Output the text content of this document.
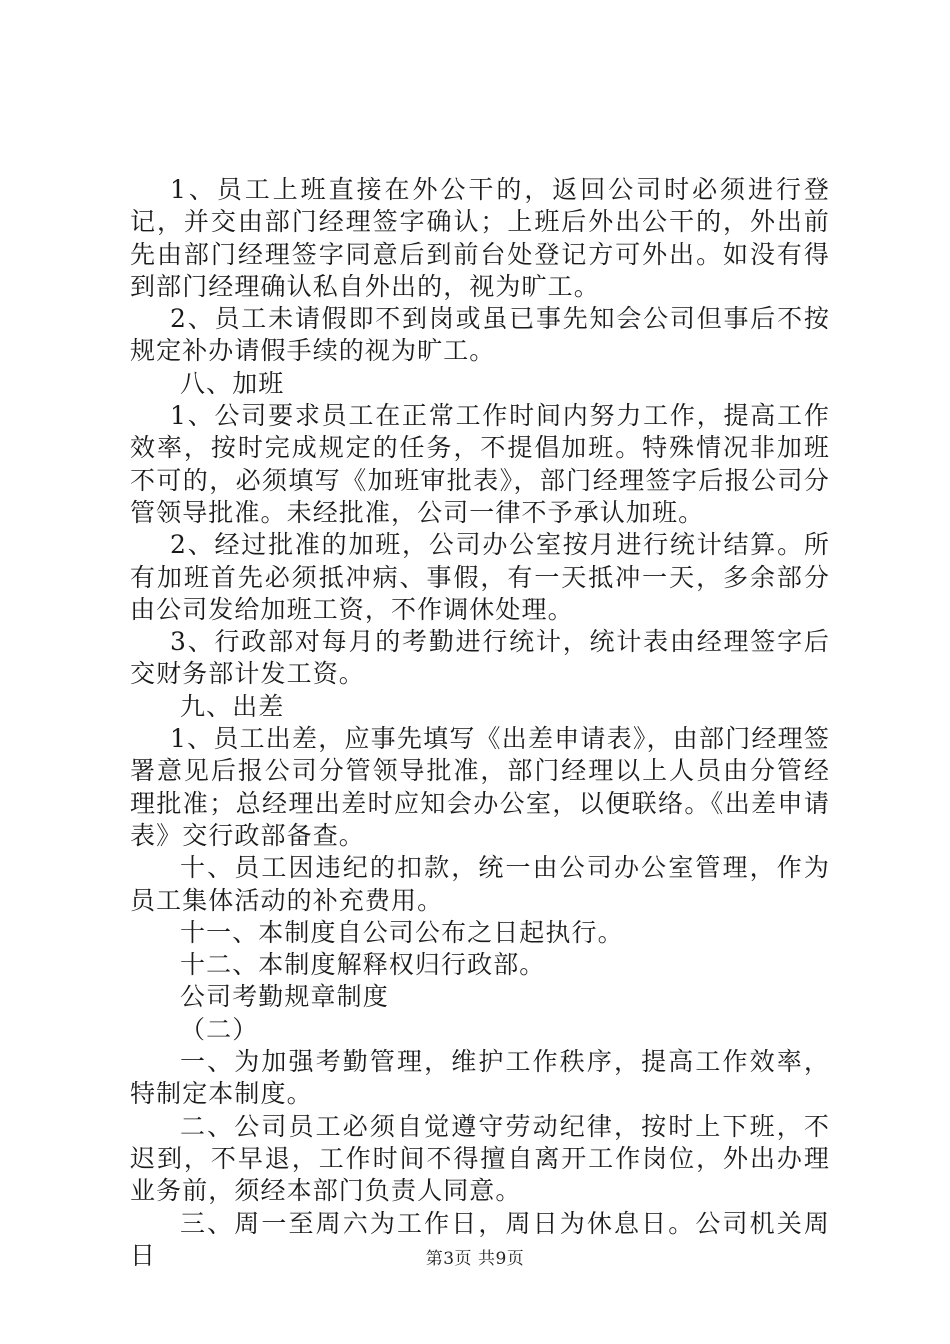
1、员工上班直接在外公干的，返回公司时必须进行登记，并交由部门经理签字确认；上班后外出公干的，外出前先由部门经理签字同意后到前台处登记方可外出。如没有得到部门经理确认私自外出的，视为旷工。

2、员工未请假即不到岗或虽已事先知会公司但事后不按规定补办请假手续的视为旷工。

八、加班

1、公司要求员工在正常工作时间内努力工作，提高工作效率，按时完成规定的任务，不提倡加班。特殊情况非加班不可的，必须填写《加班审批表》，部门经理签字后报公司分管领导批准。未经批准，公司一律不予承认加班。

2、经过批准的加班，公司办公室按月进行统计结算。所有加班首先必须抵冲病、事假，有一天抵冲一天，多余部分由公司发给加班工资，不作调休处理。

3、行政部对每月的考勤进行统计，统计表由经理签字后交财务部计发工资。

九、出差

1、员工出差，应事先填写《出差申请表》，由部门经理签署意见后报公司分管领导批准，部门经理以上人员由分管经理批准；总经理出差时应知会办公室，以便联络。《出差申请表》交行政部备查。

十、员工因违纪的扣款，统一由公司办公室管理，作为员工集体活动的补充费用。

十一、本制度自公司公布之日起执行。

十二、本制度解释权归行政部。

公司考勤规章制度

（二）

一、为加强考勤管理，维护工作秩序，提高工作效率，特制定本制度。

二、公司员工必须自觉遵守劳动纪律，按时上下班，不迟到，不早退，工作时间不得擅自离开工作岗位，外出办理业务前，须经本部门负责人同意。

三、周一至周六为工作日，周日为休息日。公司机关周日	第3页 共9页
